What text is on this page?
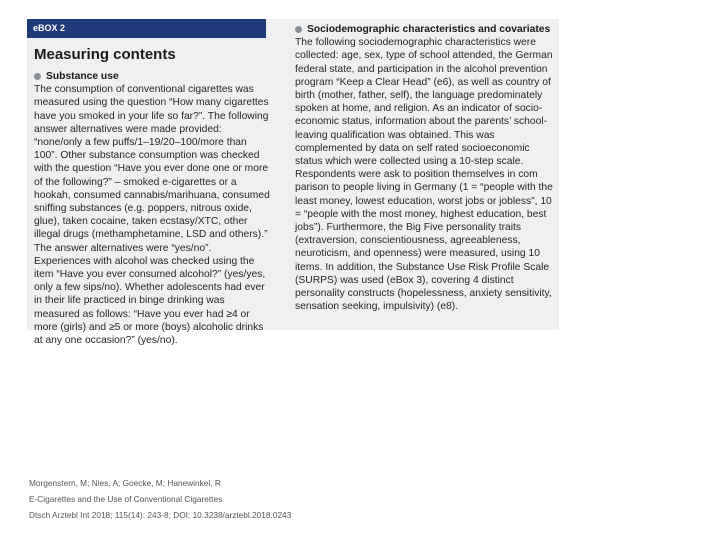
eBOX 2
Measuring contents
Substance use

The consumption of conventional cigarettes was measured using the question “How many cigarettes have you smoked in your life so far?”. The following answer alternatives were made provided: “none/only a few puffs/1–19/20–100/more than 100”. Other substance consumption was checked with the question “Have you ever done one or more of the following?” – smoked e-cigarettes or a hookah, consumed cannabis/marihuana, consumed sniffing substances (e.g. poppers, nitrous oxide, glue), taken cocaine, taken ecstasy/XTC, other illegal drugs (methamphetamine, LSD and others).” The answer alternatives were “yes/no”. Experiences with alcohol was checked using the item “Have you ever consumed alcohol?” (yes/yes, only a few sips/no). Whether adolescents had ever in their life practiced in binge drinking was measured as follows: “Have you ever had ≥4 or more (girls) and ≥5 or more (boys) alcoholic drinks at any one occasion?” (yes/no).

Sociodemographic characteristics and covariates

The following sociodemographic characteristics were collected: age, sex, type of school attended, the German federal state, and participation in the alcohol prevention program “Keep a Clear Head” (e6), as well as country of birth (mother, father, self), the language predominately spoken at home, and religion. As an indicator of socio-economic status, information about the parents’ school-leaving qualification was obtained. This was complemented by data on self rated socioeconomic status which were collected using a 10-step scale. Respondents were ask to position themselves in com parison to people living in Germany (1 = “people with the least money, lowest education, worst jobs or jobless”, 10 = “people with the most money, highest education, best jobs”). Furthermore, the Big Five personality traits (extraversion, conscientiousness, agreeableness, neuroticism, and openness) were measured, using 10 items. In addition, the Substance Use Risk Profile Scale (SURPS) was used (eBox 3), covering 4 distinct personality constructs (hopelessness, anxiety sensitivity, sensation seeking, impulsivity) (e8).

Morgenstern, M; Nies, A; Goecke, M; Hanewinkel, R
E-Cigarettes and the Use of Conventional Cigarettes
Dtsch Arztebl Int 2018; 115(14): 243-8; DOI: 10.3238/arztebl.2018.0243
